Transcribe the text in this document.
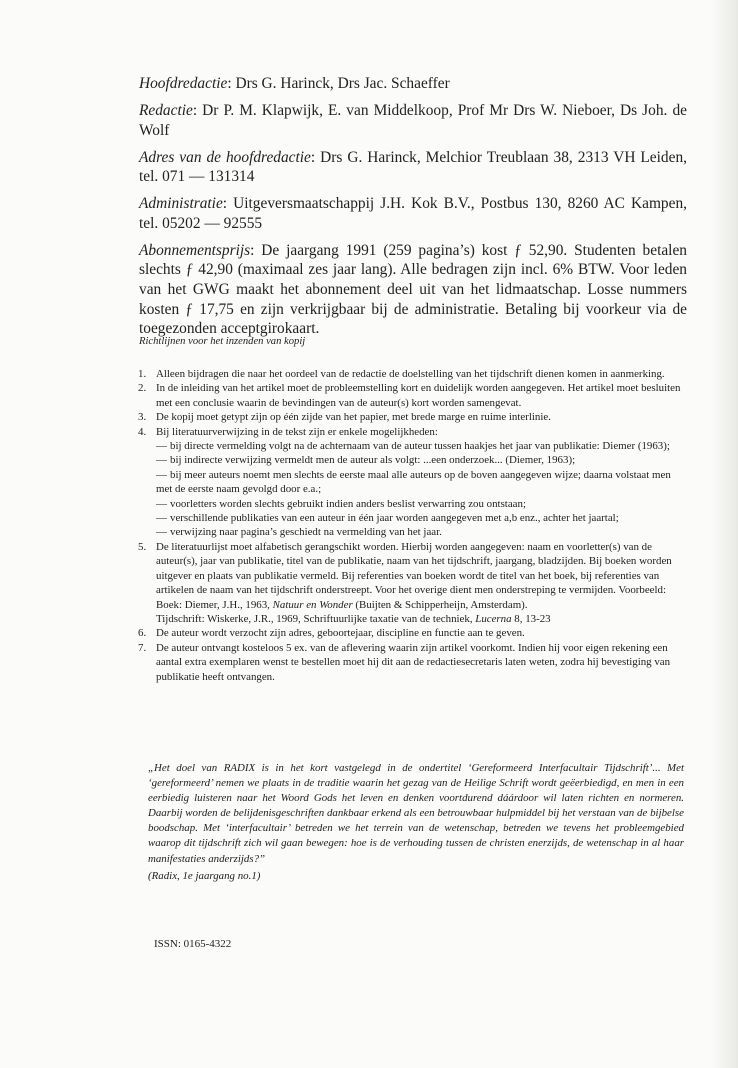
Hoofdredactie: Drs G. Harinck, Drs Jac. Schaeffer

Redactie: Dr P. M. Klapwijk, E. van Middelkoop, Prof Mr Drs W. Nieboer, Ds Joh. de Wolf

Adres van de hoofdredactie: Drs G. Harinck, Melchior Treublaan 38, 2313 VH Leiden, tel. 071 — 131314

Administratie: Uitgeversmaatschappij J.H. Kok B.V., Postbus 130, 8260 AC Kampen, tel. 05202 — 92555

Abonnementsprijs: De jaargang 1991 (259 pagina’s) kost ƒ 52,90. Studenten betalen slechts ƒ 42,90 (maximaal zes jaar lang). Alle bedragen zijn incl. 6% BTW. Voor leden van het GWG maakt het abonnement deel uit van het lidmaatschap. Losse nummers kosten ƒ 17,75 en zijn verkrijgbaar bij de administratie. Betaling bij voorkeur via de toegezonden acceptgirokaart.

Richtlijnen voor het inzenden van kopij
1. Alleen bijdragen die naar het oordeel van de redactie de doelstelling van het tijdschrift dienen komen in aanmerking.
2. In de inleiding van het artikel moet de probleemstelling kort en duidelijk worden aangegeven. Het artikel moet besluiten met een conclusie waarin de bevindingen van de auteur(s) kort worden samengevat.
3. De kopij moet getypt zijn op één zijde van het papier, met brede marge en ruime interlinie.
4. Bij literatuurverwijzing in de tekst zijn er enkele mogelijkheden:
— bij directe vermelding volgt na de achternaam van de auteur tussen haakjes het jaar van publikatie: Diemer (1963);
— bij indirecte verwijzing vermeldt men de auteur als volgt: ...een onderzoek... (Diemer, 1963);
— bij meer auteurs noemt men slechts de eerste maal alle auteurs op de boven aangegeven wijze; daarna volstaat men met de eerste naam gevolgd door e.a.;
— voorletters worden slechts gebruikt indien anders beslist verwarring zou ontstaan;
— verschillende publikaties van een auteur in één jaar worden aangegeven met a,b enz., achter het jaartal;
— verwijzing naar pagina’s geschiedt na vermelding van het jaar.
5. De literatuurlijst moet alfabetisch gerangschikt worden. Hierbij worden aangegeven: naam en voorletter(s) van de auteur(s), jaar van publikatie, titel van de publikatie, naam van het tijdschrift, jaargang, bladzijden. Bij boeken worden uitgever en plaats van publikatie vermeld. Bij referenties van boeken wordt de titel van het boek, bij referenties van artikelen de naam van het tijdschrift onderstreept. Voor het overige dient men onderstreping te vermijden. Voorbeeld:
Boek: Diemer, J.H., 1963, Natuur en Wonder (Buijten & Schipperheijn, Amsterdam).
Tijdschrift: Wiskerke, J.R., 1969, Schriftuurlijke taxatie van de techniek, Lucerna 8, 13-23
6. De auteur wordt verzocht zijn adres, geboortejaar, discipline en functie aan te geven.
7. De auteur ontvangt kosteloos 5 ex. van de aflevering waarin zijn artikel voorkomt. Indien hij voor eigen rekening een aantal extra exemplaren wenst te bestellen moet hij dit aan de redactiesecretaris laten weten, zodra hij bevestiging van publikatie heeft ontvangen.
„Het doel van RADIX is in het kort vastgelegd in de ondertitel ‘Gereformeerd Interfacultair Tijdschrift’... Met ‘gereformeerd’ nemen we plaats in de traditie waarin het gezag van de Heilige Schrift wordt geëerbiedigd, en men in een eerbiedig luisteren naar het Woord Gods het leven en denken voortdurend dáárdoor wil laten richten en normeren. Daarbij worden de belijdenisgeschriften dankbaar erkend als een betrouwbaar hulpmiddel bij het verstaan van de bijbelse boodschap. Met ‘interfacultair’ betreden we het terrein van de wetenschap, betreden we tevens het probleemgebied waarop dit tijdschrift zich wil gaan bewegen: hoe is de verhouding tussen de christen enerzijds, de wetenschap in al haar manifestaties anderzijds?”
(Radix, 1e jaargang no.1)
ISSN: 0165-4322
